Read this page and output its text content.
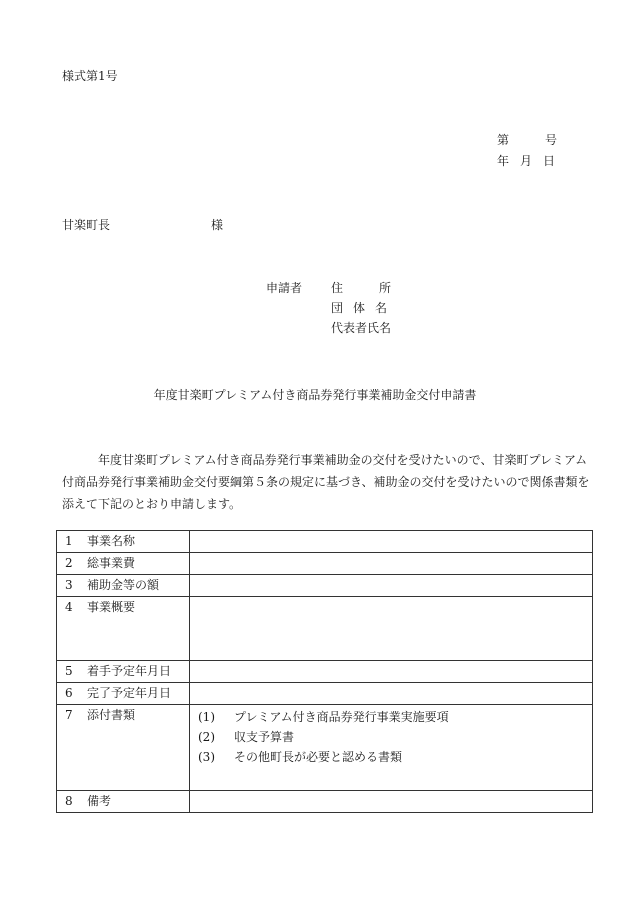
様式第1号
第	号
年 月 日
甘楽町長	様
申請者 住	所
団 体 名
代表者氏名
年度甘楽町プレミアム付き商品券発行事業補助金交付申請書
年度甘楽町プレミアム付き商品券発行事業補助金の交付を受けたいので、甘楽町プレミアム付商品券発行事業補助金交付要綱第５条の規定に基づき、補助金の交付を受けたいので関係書類を添えて下記のとおり申請します。
1 事業名称	
2 総事業費	
3 補助金等の額	
4 事業概要	
5 着手予定年月日	
6 完了予定年月日	
7 添付書類	(1) プレミアム付き商品券発行事業実施要項
(2) 収支予算書
(3) その他町長が必要と認める書類

8 備考	
